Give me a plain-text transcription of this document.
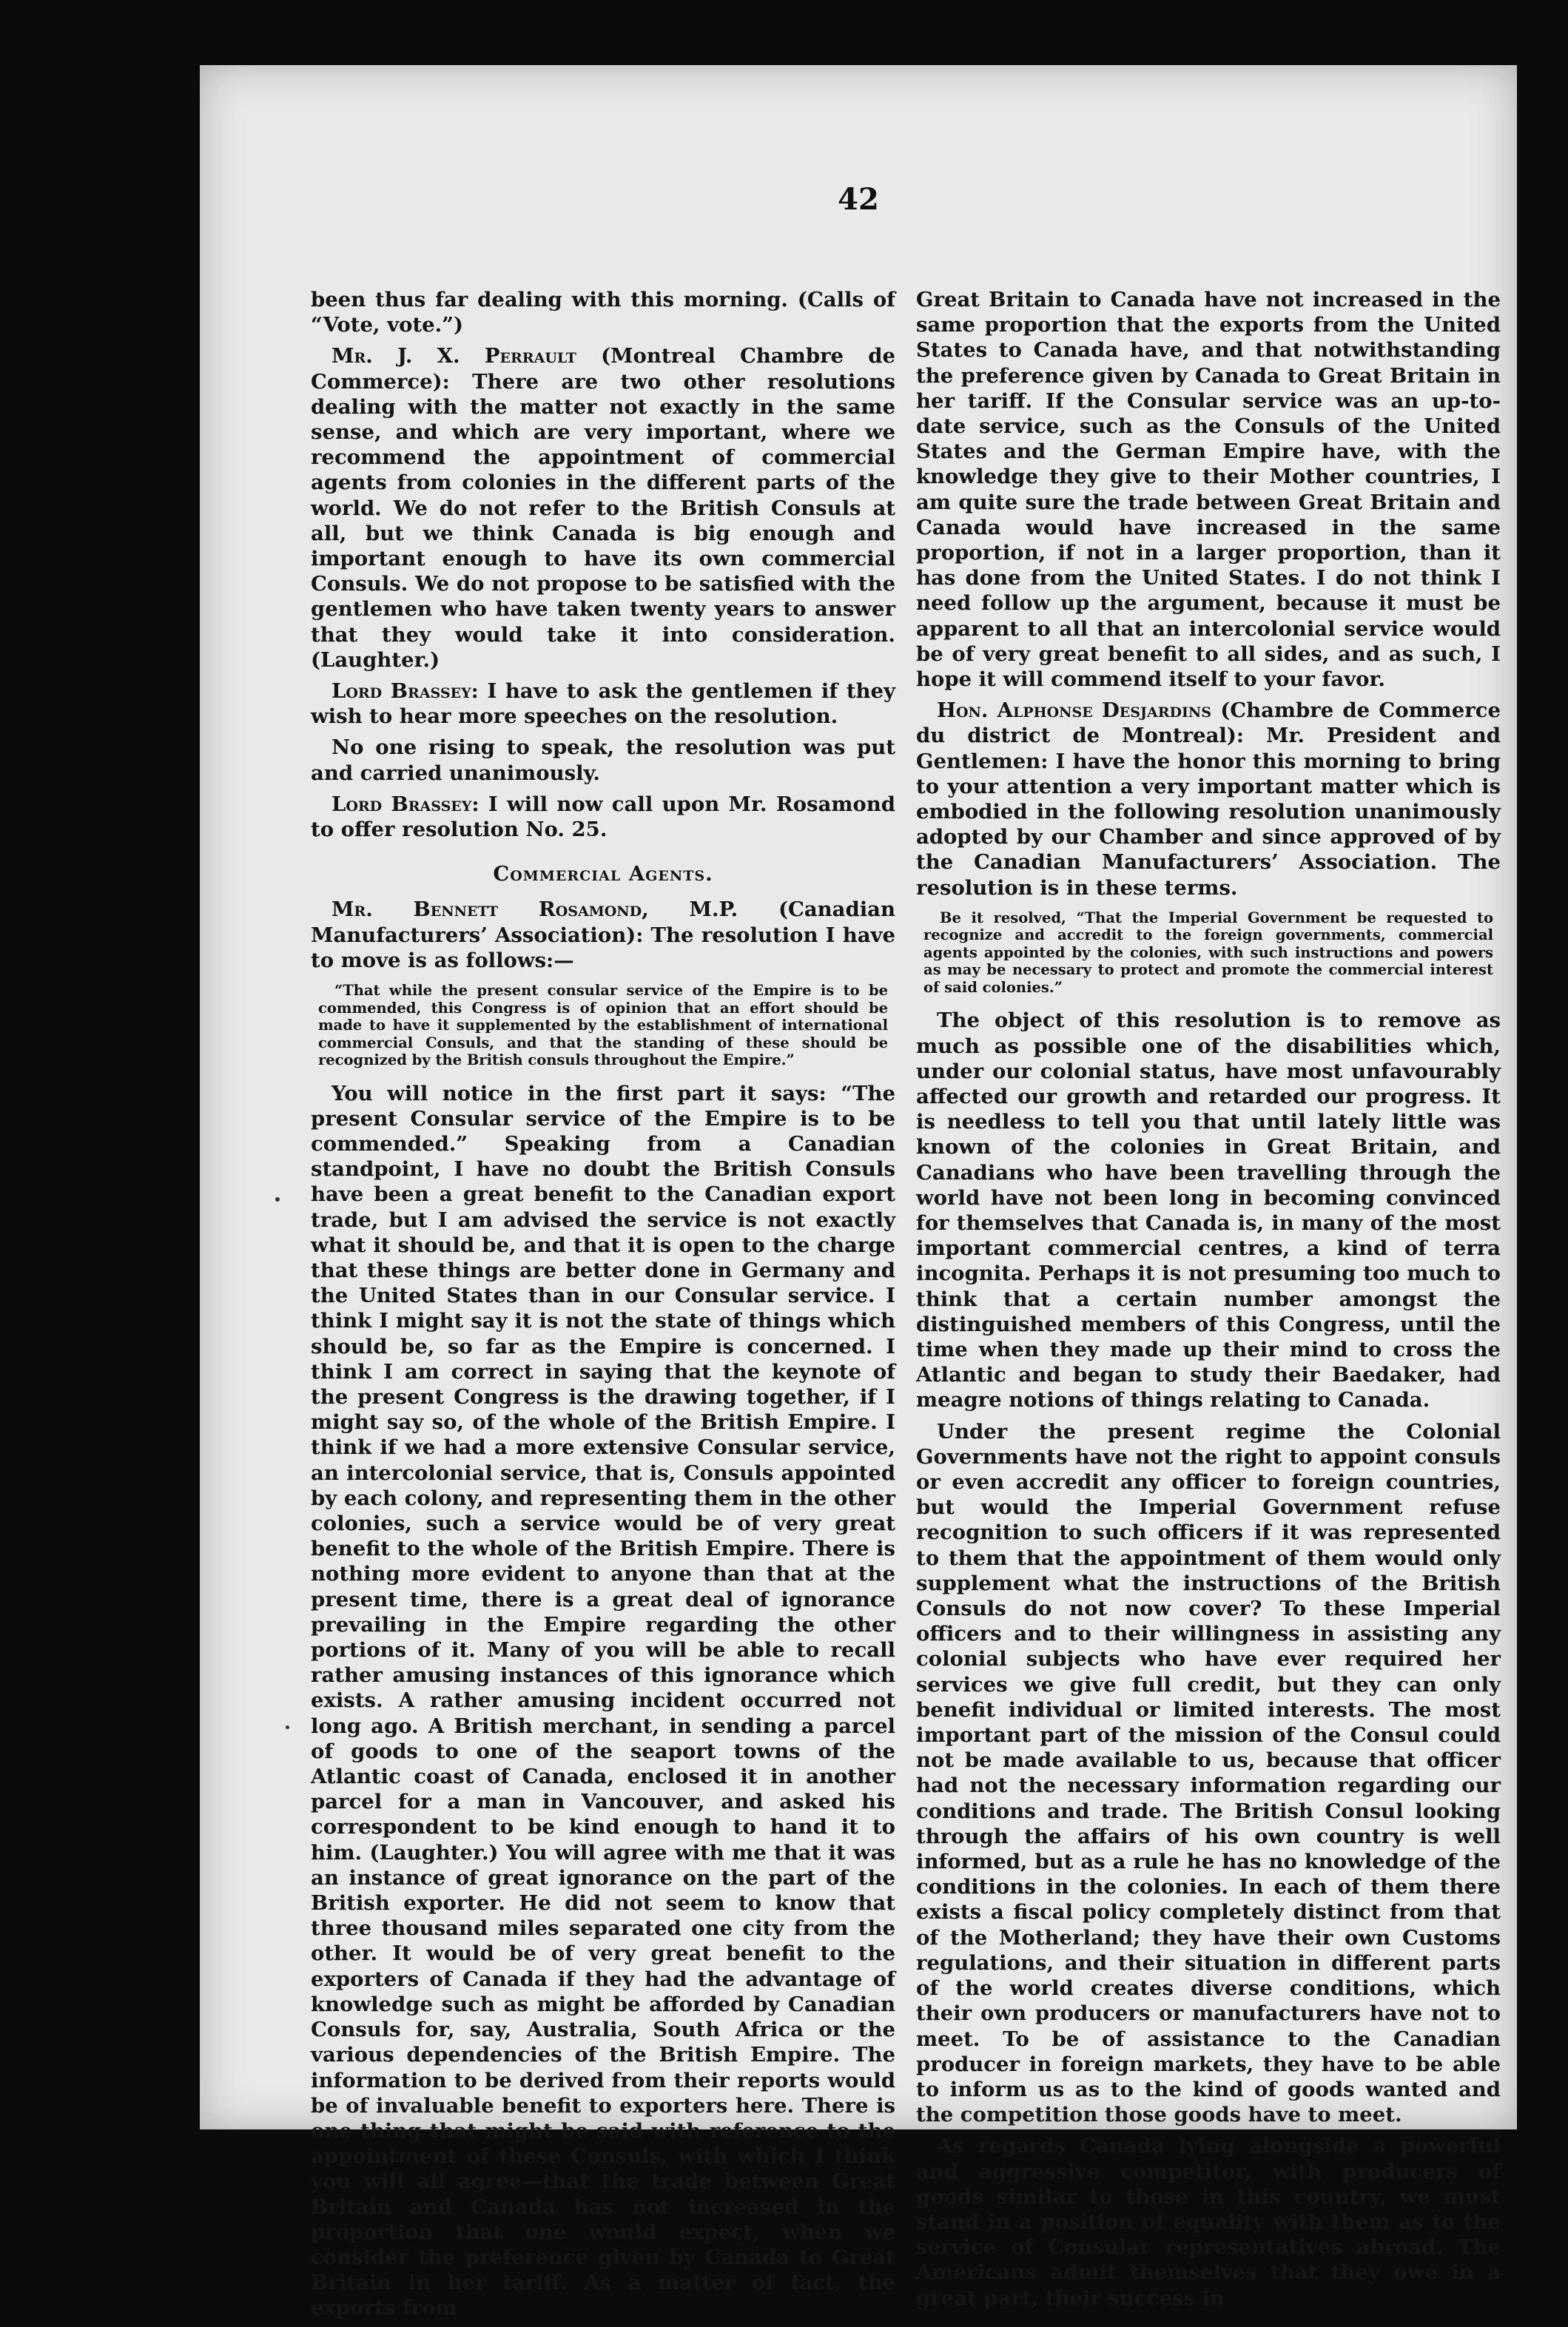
42

been thus far dealing with this morning. (Calls of “Vote, vote.”)

Mr. J. X. Perrault (Montreal Chambre de Commerce): There are two other resolutions dealing with the matter not exactly in the same sense, and which are very important, where we recommend the appointment of commercial agents from colonies in the different parts of the world. We do not refer to the British Consuls at all, but we think Canada is big enough and important enough to have its own commercial Consuls. We do not propose to be satisfied with the gentlemen who have taken twenty years to answer that they would take it into consideration. (Laughter.)

Lord Brassey: I have to ask the gentlemen if they wish to hear more speeches on the resolution.

No one rising to speak, the resolution was put and carried unanimously.

Lord Brassey: I will now call upon Mr. Rosamond to offer resolution No. 25.

Commercial Agents.

Mr. Bennett Rosamond, M.P. (Canadian Manufacturers’ Association): The resolution I have to move is as follows:—

“That while the present consular service of the Empire is to be commended, this Congress is of opinion that an effort should be made to have it supplemented by the establishment of international commercial Consuls, and that the standing of these should be recognized by the British consuls throughout the Empire.”

You will notice in the first part it says: “The present Consular service of the Empire is to be commended.” Speaking from a Canadian standpoint, I have no doubt the British Consuls have been a great benefit to the Canadian export trade, but I am advised the service is not exactly what it should be, and that it is open to the charge that these things are better done in Germany and the United States than in our Consular service. I think I might say it is not the state of things which should be, so far as the Empire is concerned. I think I am correct in saying that the keynote of the present Congress is the drawing together, if I might say so, of the whole of the British Empire. I think if we had a more extensive Consular service, an intercolonial service, that is, Consuls appointed by each colony, and representing them in the other colonies, such a service would be of very great benefit to the whole of the British Empire. There is nothing more evident to anyone than that at the present time, there is a great deal of ignorance prevailing in the Empire regarding the other portions of it. Many of you will be able to recall rather amusing instances of this ignorance which exists. A rather amusing incident occurred not long ago. A British merchant, in sending a parcel of goods to one of the seaport towns of the Atlantic coast of Canada, enclosed it in another parcel for a man in Vancouver, and asked his correspondent to be kind enough to hand it to him. (Laughter.) You will agree with me that it was an instance of great ignorance on the part of the British exporter. He did not seem to know that three thousand miles separated one city from the other. It would be of very great benefit to the exporters of Canada if they had the advantage of knowledge such as might be afforded by Canadian Consuls for, say, Australia, South Africa or the various dependencies of the British Empire. The information to be derived from their reports would be of invaluable benefit to exporters here. There is one thing that might be said with reference to the appointment of these Consuls, with which I think you will all agree—that the trade between Great Britain and Canada has not increased in the proportion that one would expect, when we consider the preference given by Canada to Great Britain in her tariff. As a matter of fact, the exports from

Great Britain to Canada have not increased in the same proportion that the exports from the United States to Canada have, and that notwithstanding the preference given by Canada to Great Britain in her tariff. If the Consular service was an up-to-date service, such as the Consuls of the United States and the German Empire have, with the knowledge they give to their Mother countries, I am quite sure the trade between Great Britain and Canada would have increased in the same proportion, if not in a larger proportion, than it has done from the United States. I do not think I need follow up the argument, because it must be apparent to all that an intercolonial service would be of very great benefit to all sides, and as such, I hope it will commend itself to your favor.

Hon. Alphonse Desjardins (Chambre de Commerce du district de Montreal): Mr. President and Gentlemen: I have the honor this morning to bring to your attention a very important matter which is embodied in the following resolution unanimously adopted by our Chamber and since approved of by the Canadian Manufacturers’ Association. The resolution is in these terms.

Be it resolved, “That the Imperial Government be requested to recognize and accredit to the foreign governments, commercial agents appointed by the colonies, with such instructions and powers as may be necessary to protect and promote the commercial interest of said colonies.”

The object of this resolution is to remove as much as possible one of the disabilities which, under our colonial status, have most unfavourably affected our growth and retarded our progress. It is needless to tell you that until lately little was known of the colonies in Great Britain, and Canadians who have been travelling through the world have not been long in becoming convinced for themselves that Canada is, in many of the most important commercial centres, a kind of terra incognita. Perhaps it is not presuming too much to think that a certain number amongst the distinguished members of this Congress, until the time when they made up their mind to cross the Atlantic and began to study their Baedaker, had meagre notions of things relating to Canada.

Under the present regime the Colonial Governments have not the right to appoint consuls or even accredit any officer to foreign countries, but would the Imperial Government refuse recognition to such officers if it was represented to them that the appointment of them would only supplement what the instructions of the British Consuls do not now cover? To these Imperial officers and to their willingness in assisting any colonial subjects who have ever required her services we give full credit, but they can only benefit individual or limited interests. The most important part of the mission of the Consul could not be made available to us, because that officer had not the necessary information regarding our conditions and trade. The British Consul looking through the affairs of his own country is well informed, but as a rule he has no knowledge of the conditions in the colonies. In each of them there exists a fiscal policy completely distinct from that of the Motherland; they have their own Customs regulations, and their situation in different parts of the world creates diverse conditions, which their own producers or manufacturers have not to meet. To be of assistance to the Canadian producer in foreign markets, they have to be able to inform us as to the kind of goods wanted and the competition those goods have to meet.

As regards Canada lying alongside a powerful and aggressive competitor, with producers of goods similar to those in this country, we must stand in a position of equality with them as to the service of Consular representatives abroad. The Americans admit themselves that they owe in a great part, their success in
